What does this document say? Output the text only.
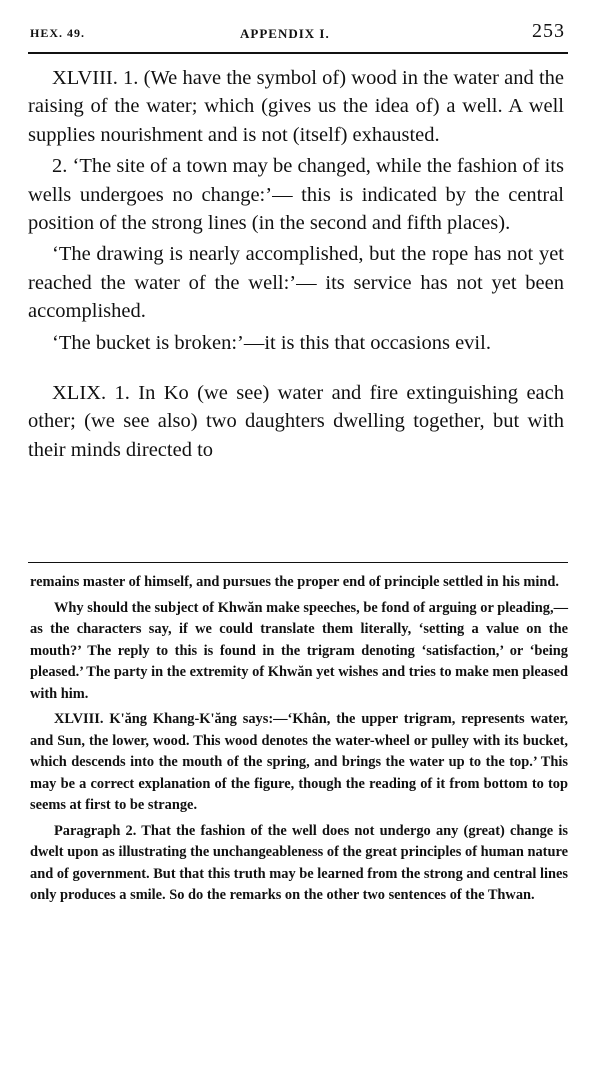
HEX. 49.	APPENDIX I.	253

XLVIII. 1. (We have the symbol of) wood in the water and the raising of the water; which (gives us the idea of) a well. A well supplies nourishment and is not (itself) exhausted.

2. ‘The site of a town may be changed, while the fashion of its wells undergoes no change:’— this is indicated by the central position of the strong lines (in the second and fifth places).

‘The drawing is nearly accomplished, but the rope has not yet reached the water of the well:’— its service has not yet been accomplished.

‘The bucket is broken:’—it is this that occasions evil.

XLIX. 1. In Ko (we see) water and fire extinguishing each other; (we see also) two daughters dwelling together, but with their minds directed to

remains master of himself, and pursues the proper end of principle settled in his mind.

Why should the subject of Khwăn make speeches, be fond of arguing or pleading,—as the characters say, if we could translate them literally, ‘setting a value on the mouth?’ The reply to this is found in the trigram denoting ‘satisfaction,’ or ‘being pleased.’ The party in the extremity of Khwăn yet wishes and tries to make men pleased with him.

XLVIII. K'ăng Khang-K'ăng says:—‘Khân, the upper trigram, represents water, and Sun, the lower, wood. This wood denotes the water-wheel or pulley with its bucket, which descends into the mouth of the spring, and brings the water up to the top.’ This may be a correct explanation of the figure, though the reading of it from bottom to top seems at first to be strange.

Paragraph 2. That the fashion of the well does not undergo any (great) change is dwelt upon as illustrating the unchangeableness of the great principles of human nature and of government. But that this truth may be learned from the strong and central lines only produces a smile. So do the remarks on the other two sentences of the Thwan.
